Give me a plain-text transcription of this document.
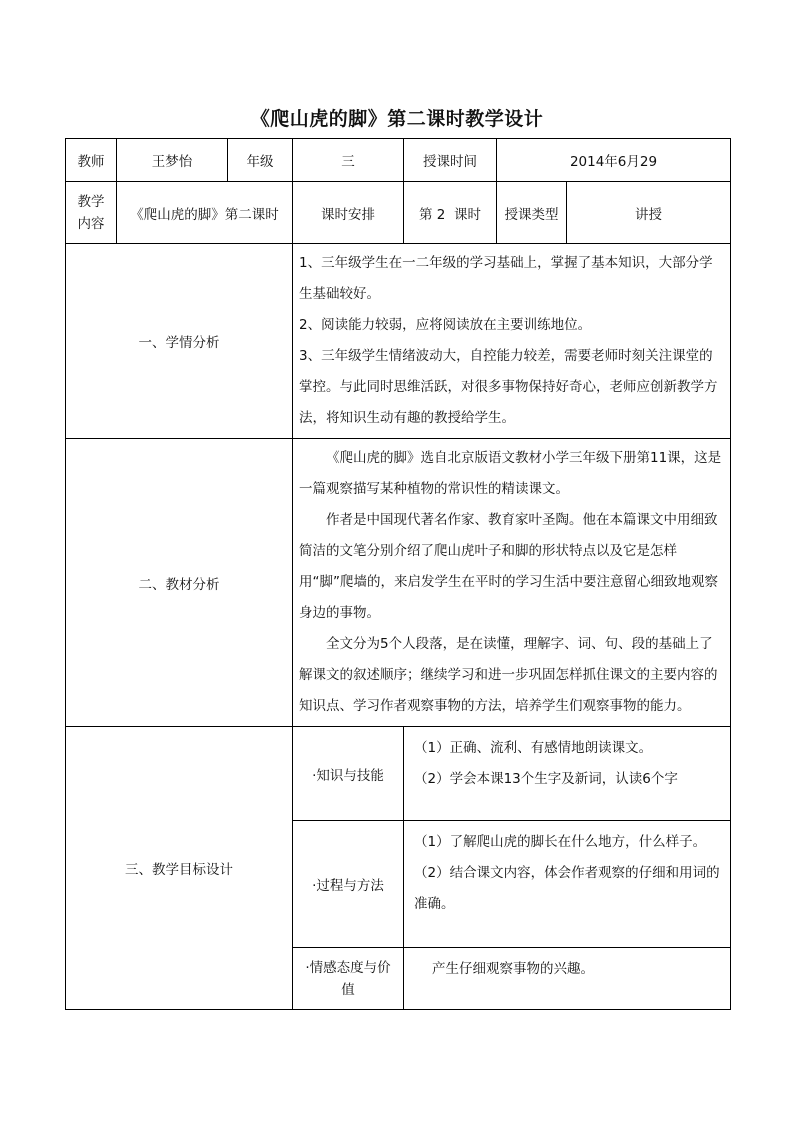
《爬山虎的脚》第二课时教学设计
教师	王梦怡	年级	三	授课时间	2014年6月29	
教学内容	《爬山虎的脚》第二课时		课时安排	第 2  课时	授课类型	讲授
一、学情分析			1、三年级学生在一二年级的学习基础上，掌握了基本知识，大部分学生基础较好。

2、阅读能力较弱，应将阅读放在主要训练地位。

3、三年级学生情绪波动大，自控能力较差，需要老师时刻关注课堂的掌控。与此同时思维活跃，对很多事物保持好奇心，老师应创新教学方法，将知识生动有趣的教授给学生。			

二、教材分析			《爬山虎的脚》选自北京版语文教材小学三年级下册第11课，这是一篇观察描写某种植物的常识性的精读课文。

作者是中国现代著名作家、教育家叶圣陶。他在本篇课文中用细致简洁的文笔分别介绍了爬山虎叶子和脚的形状特点以及它是怎样用“脚”爬墙的，来启发学生在平时的学习生活中要注意留心细致地观察身边的事物。

全文分为5个人段落，是在读懂，理解字、词、句、段的基础上了解课文的叙述顺序；继续学习和进一步巩固怎样抓住课文的主要内容的知识点、学习作者观察事物的方法，培养学生们观察事物的能力。			

三、教学目标设计			·知识与技能	（1）正确、流利、有感情地朗读课文。

（2）学会本课13个生字及新词，认读6个字		

			·过程与方法	（1）了解爬山虎的脚长在什么地方，什么样子。

（2）结合课文内容，体会作者观察的仔细和用词的准确。		

			·情感态度与价值	产生仔细观察事物的兴趣。		
